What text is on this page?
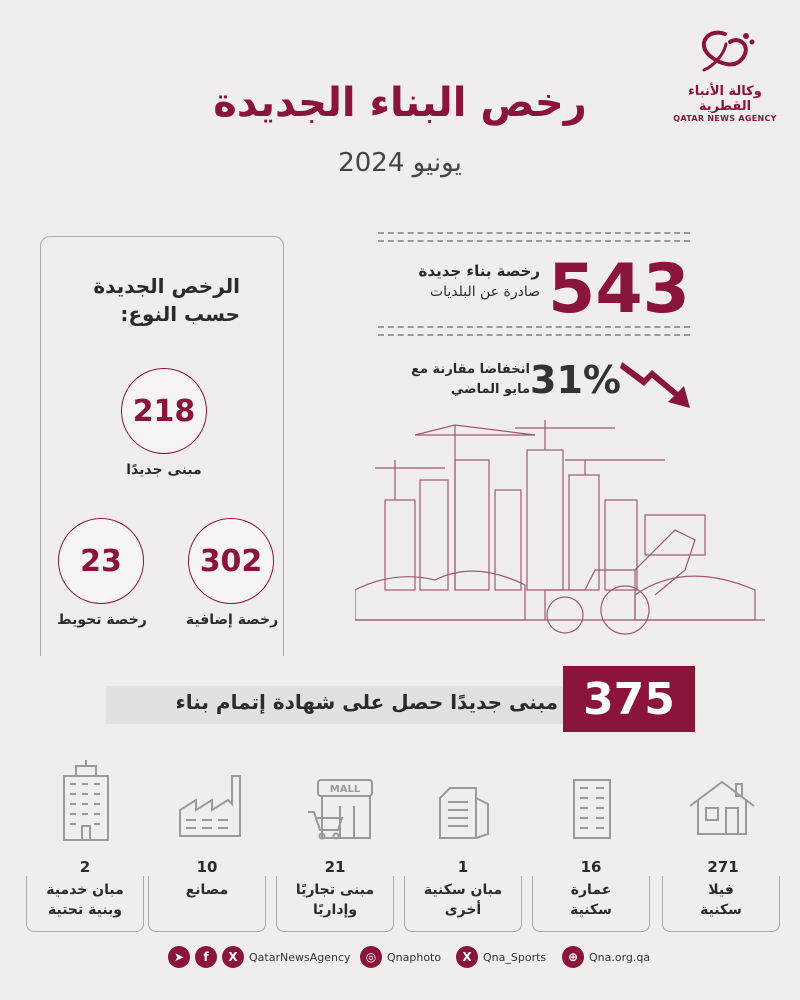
وكالة الأنباء القطرية
QATAR NEWS AGENCY
رخص البناء الجديدة
يونيو 2024
543
رخصة بناء جديدة
صادرة عن البلديات
31%
انخفاضا مقارنة مع
مايو الماضي
الرخص الجديدة
حسب النوع:
218
مبنى جديدًا
302
رخصة إضافية
23
رخصة تحويط
مبنى جديدًا حصل على شهادة إتمام بناء 375
MALL
271
16
1
21
10
2
فيلا
سكنية
عمارة
سكنية
مبان سكنية
أخرى
مبنى تجاريًا
وإداريًا
مصانع
مبان خدمية
وبنية تحتية
➤	f	X	QatarNewsAgency	◎ Qnaphoto	X	Qna_Sports	⊕ Qna.org.qa
